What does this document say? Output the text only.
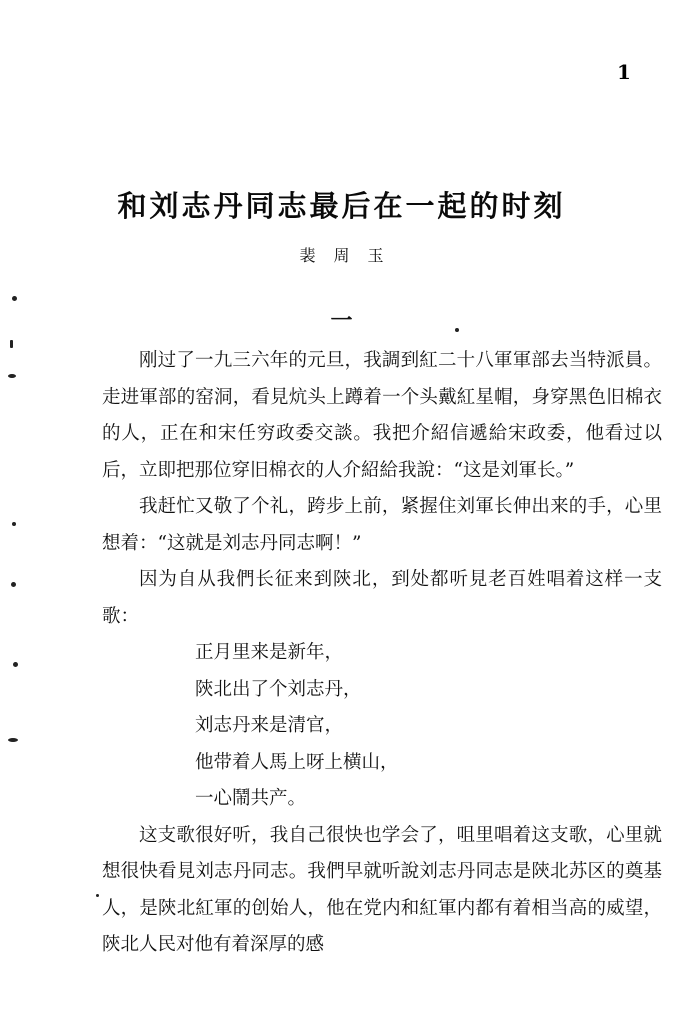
1
和刘志丹同志最后在一起的时刻
裴周玉
一

刚过了一九三六年的元旦，我調到紅二十八軍軍部去当特派員。走进軍部的窑洞，看見炕头上蹲着一个头戴紅星帽，身穿黑色旧棉衣的人，正在和宋任穷政委交談。我把介紹信遞給宋政委，他看过以后，立即把那位穿旧棉衣的人介紹給我說：“这是刘軍长。”

我赶忙又敬了个礼，跨步上前，紧握住刘軍长伸出来的手，心里想着：“这就是刘志丹同志啊！”

因为自从我們长征来到陝北，到处都听見老百姓唱着这样一支歌：

正月里来是新年，

陝北出了个刘志丹，

刘志丹来是清官，

他带着人馬上呀上横山，

一心鬧共产。

这支歌很好听，我自己很快也学会了，咀里唱着这支歌，心里就想很快看見刘志丹同志。我們早就听說刘志丹同志是陝北苏区的奠基人，是陝北紅軍的创始人，他在党内和紅軍内都有着相当高的威望，陝北人民对他有着深厚的感
